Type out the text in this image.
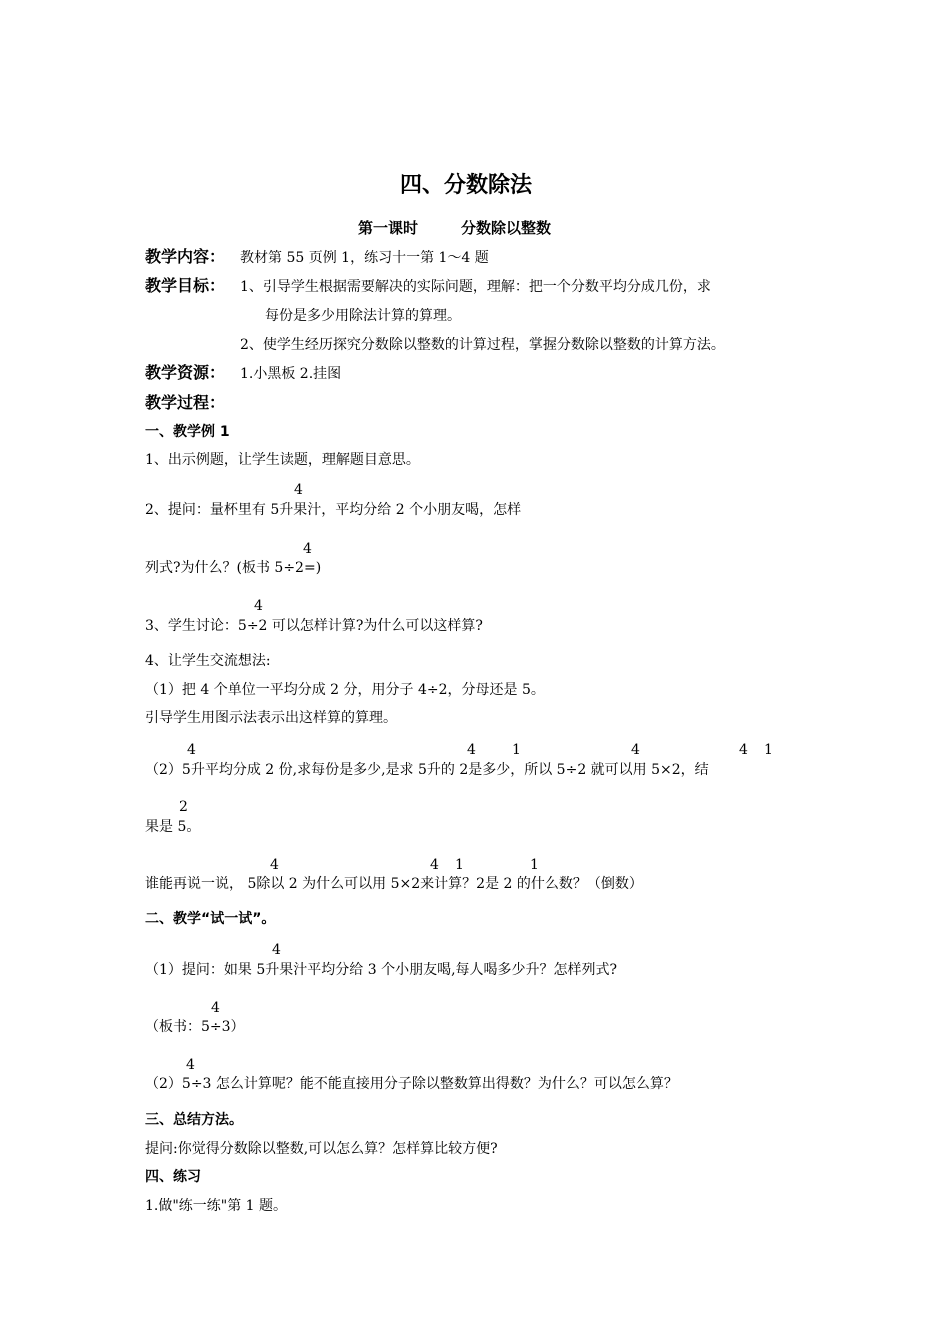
四、分数除法
第一课时	分数除以整数
教学内容： 教材第 55 页例 1，练习十一第 1～4 题
教学目标： 1、引导学生根据需要解决的实际问题，理解：把一个分数平均分成几份，求
每份是多少用除法计算的算理。
2、使学生经历探究分数除以整数的计算过程，掌握分数除以整数的计算方法。
教学资源： 1.小黑板 2.挂图
教学过程：
一、教学例 1
1、出示例题，让学生读题，理解题目意思。
4
2、提问：量杯里有 5升果汁，平均分给 2 个小朋友喝，怎样
4
列式?为什么？(板书 5÷2=)
4
3、学生讨论：5÷2 可以怎样计算?为什么可以这样算?
4、让学生交流想法:
（1）把 4 个单位一平均分成 2 分，用分子 4÷2，分母还是 5。
引导学生用图示法表示出这样算的算理。
4	4	1	4	4 1
（2）5升平均分成 2 份,求每份是多少,是求 5升的 2是多少，所以 5÷2 就可以用 5×2，结
2
果是 5。
4	4 1	1
谁能再说一说， 5除以 2 为什么可以用 5×2来计算？2是 2 的什么数？（倒数）
二、教学“试一试”。
4
（1）提问：如果 5升果汁平均分给 3 个小朋友喝,每人喝多少升？怎样列式?
4
（板书：5÷3）
4
（2）5÷3 怎么计算呢？能不能直接用分子除以整数算出得数？为什么？可以怎么算？
三、总结方法。
提问:你觉得分数除以整数,可以怎么算？怎样算比较方便?
四、练习
1.做"练一练"第 1 题。
